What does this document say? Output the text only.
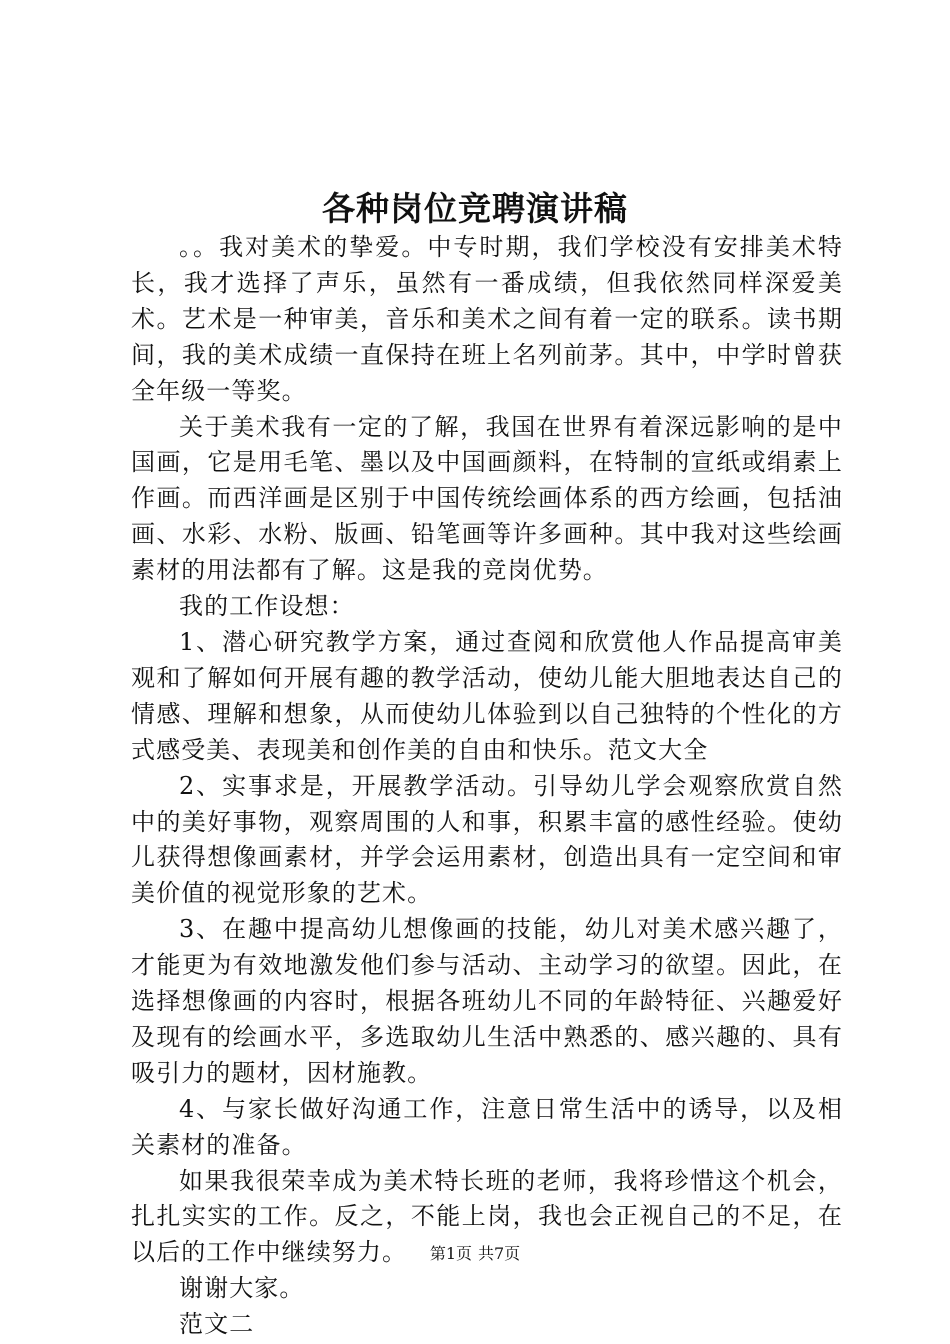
各种岗位竞聘演讲稿

。。我对美术的挚爱。中专时期，我们学校没有安排美术特长，我才选择了声乐，虽然有一番成绩，但我依然同样深爱美术。艺术是一种审美，音乐和美术之间有着一定的联系。读书期间，我的美术成绩一直保持在班上名列前茅。其中，中学时曾获全年级一等奖。

关于美术我有一定的了解，我国在世界有着深远影响的是中国画，它是用毛笔、墨以及中国画颜料，在特制的宣纸或绢素上作画。而西洋画是区别于中国传统绘画体系的西方绘画，包括油画、水彩、水粉、版画、铅笔画等许多画种。其中我对这些绘画素材的用法都有了解。这是我的竞岗优势。

我的工作设想：

1、潜心研究教学方案，通过查阅和欣赏他人作品提高审美观和了解如何开展有趣的教学活动，使幼儿能大胆地表达自己的情感、理解和想象，从而使幼儿体验到以自己独特的个性化的方式感受美、表现美和创作美的自由和快乐。范文大全

2、实事求是，开展教学活动。引导幼儿学会观察欣赏自然中的美好事物，观察周围的人和事，积累丰富的感性经验。使幼儿获得想像画素材，并学会运用素材，创造出具有一定空间和审美价值的视觉形象的艺术。

3、在趣中提高幼儿想像画的技能，幼儿对美术感兴趣了，才能更为有效地激发他们参与活动、主动学习的欲望。因此，在选择想像画的内容时，根据各班幼儿不同的年龄特征、兴趣爱好及现有的绘画水平，多选取幼儿生活中熟悉的、感兴趣的、具有吸引力的题材，因材施教。

4、与家长做好沟通工作，注意日常生活中的诱导，以及相关素材的准备。

如果我很荣幸成为美术特长班的老师，我将珍惜这个机会，扎扎实实的工作。反之，不能上岗，我也会正视自己的不足，在以后的工作中继续努力。

谢谢大家。

范文二

第1页 共7页
